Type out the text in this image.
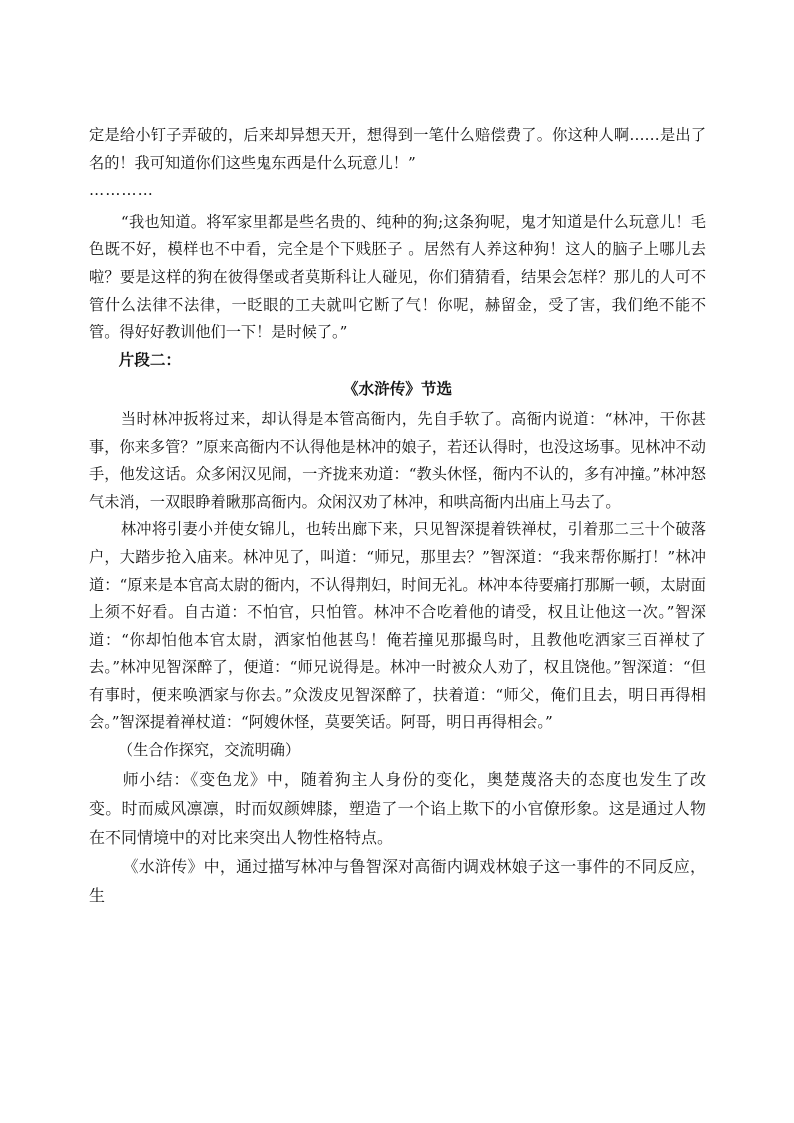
定是给小钉子弄破的，后来却异想天开，想得到一笔什么赔偿费了。你这种人啊……是出了名的！我可知道你们这些鬼东西是什么玩意儿！”

…………

“我也知道。将军家里都是些名贵的、纯种的狗;这条狗呢，鬼才知道是什么玩意儿！毛色既不好，模样也不中看，完全是个下贱胚子 。居然有人养这种狗！这人的脑子上哪儿去啦？要是这样的狗在彼得堡或者莫斯科让人碰见，你们猜猜看，结果会怎样？那儿的人可不管什么法律不法律，一眨眼的工夫就叫它断了气！你呢，赫留金，受了害，我们绝不能不管。得好好教训他们一下！是时候了。”

片段二：

《水浒传》节选

当时林冲扳将过来，却认得是本管高衙内，先自手软了。高衙内说道：“林冲，干你甚事，你来多管？”原来高衙内不认得他是林冲的娘子，若还认得时，也没这场事。见林冲不动手，他发这话。众多闲汉见闹，一齐拢来劝道：“教头休怪，衙内不认的，多有冲撞。”林冲怒气未消，一双眼睁着瞅那高衙内。众闲汉劝了林冲，和哄高衙内出庙上马去了。

林冲将引妻小并使女锦儿，也转出廊下来，只见智深提着铁禅杖，引着那二三十个破落户，大踏步抢入庙来。林冲见了，叫道：“师兄，那里去？”智深道：“我来帮你厮打！”林冲道：“原来是本官高太尉的衙内，不认得荆妇，时间无礼。林冲本待要痛打那厮一顿，太尉面上须不好看。自古道：不怕官，只怕管。林冲不合吃着他的请受，权且让他这一次。”智深道：“你却怕他本官太尉，洒家怕他甚鸟！俺若撞见那撮鸟时，且教他吃洒家三百禅杖了去。”林冲见智深醉了，便道：“师兄说得是。林冲一时被众人劝了，权且饶他。”智深道：“但有事时，便来唤洒家与你去。”众泼皮见智深醉了，扶着道：“师父，俺们且去，明日再得相会。”智深提着禅杖道：“阿嫂休怪，莫要笑话。阿哥，明日再得相会。”

（生合作探究，交流明确）

师小结：《变色龙》中，随着狗主人身份的变化，奥楚蔑洛夫的态度也发生了改变。时而威风凛凛，时而奴颜婢膝，塑造了一个谄上欺下的小官僚形象。这是通过人物在不同情境中的对比来突出人物性格特点。

《水浒传》中，通过描写林冲与鲁智深对高衙内调戏林娘子这一事件的不同反应，生
